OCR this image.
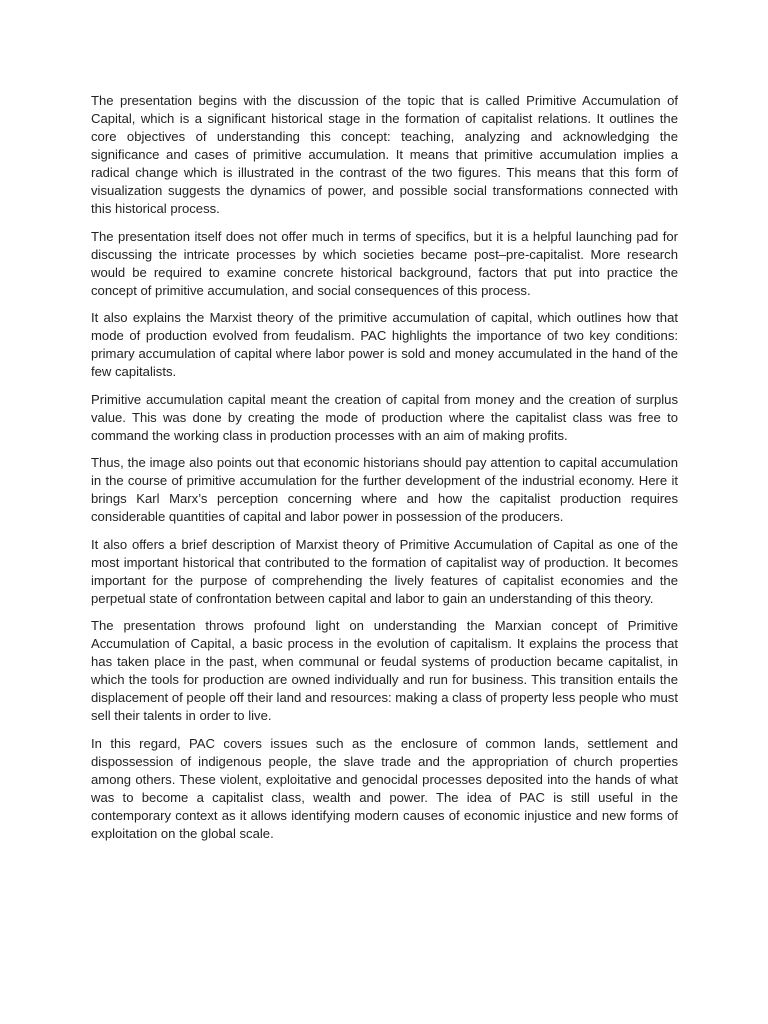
The presentation begins with the discussion of the topic that is called Primitive Accumulation of Capital, which is a significant historical stage in the formation of capitalist relations. It outlines the core objectives of understanding this concept: teaching, analyzing and acknowledging the significance and cases of primitive accumulation. It means that primitive accumulation implies a radical change which is illustrated in the contrast of the two figures. This means that this form of visualization suggests the dynamics of power, and possible social transformations connected with this historical process.

The presentation itself does not offer much in terms of specifics, but it is a helpful launching pad for discussing the intricate processes by which societies became post–pre-capitalist. More research would be required to examine concrete historical background, factors that put into practice the concept of primitive accumulation, and social consequences of this process.

It also explains the Marxist theory of the primitive accumulation of capital, which outlines how that mode of production evolved from feudalism. PAC highlights the importance of two key conditions: primary accumulation of capital where labor power is sold and money accumulated in the hand of the few capitalists.

Primitive accumulation capital meant the creation of capital from money and the creation of surplus value. This was done by creating the mode of production where the capitalist class was free to command the working class in production processes with an aim of making profits.

Thus, the image also points out that economic historians should pay attention to capital accumulation in the course of primitive accumulation for the further development of the industrial economy. Here it brings Karl Marx’s perception concerning where and how the capitalist production requires considerable quantities of capital and labor power in possession of the producers.

It also offers a brief description of Marxist theory of Primitive Accumulation of Capital as one of the most important historical that contributed to the formation of capitalist way of production. It becomes important for the purpose of comprehending the lively features of capitalist economies and the perpetual state of confrontation between capital and labor to gain an understanding of this theory.

The presentation throws profound light on understanding the Marxian concept of Primitive Accumulation of Capital, a basic process in the evolution of capitalism. It explains the process that has taken place in the past, when communal or feudal systems of production became capitalist, in which the tools for production are owned individually and run for business. This transition entails the displacement of people off their land and resources: making a class of property less people who must sell their talents in order to live.

In this regard, PAC covers issues such as the enclosure of common lands, settlement and dispossession of indigenous people, the slave trade and the appropriation of church properties among others. These violent, exploitative and genocidal processes deposited into the hands of what was to become a capitalist class, wealth and power. The idea of PAC is still useful in the contemporary context as it allows identifying modern causes of economic injustice and new forms of exploitation on the global scale.
